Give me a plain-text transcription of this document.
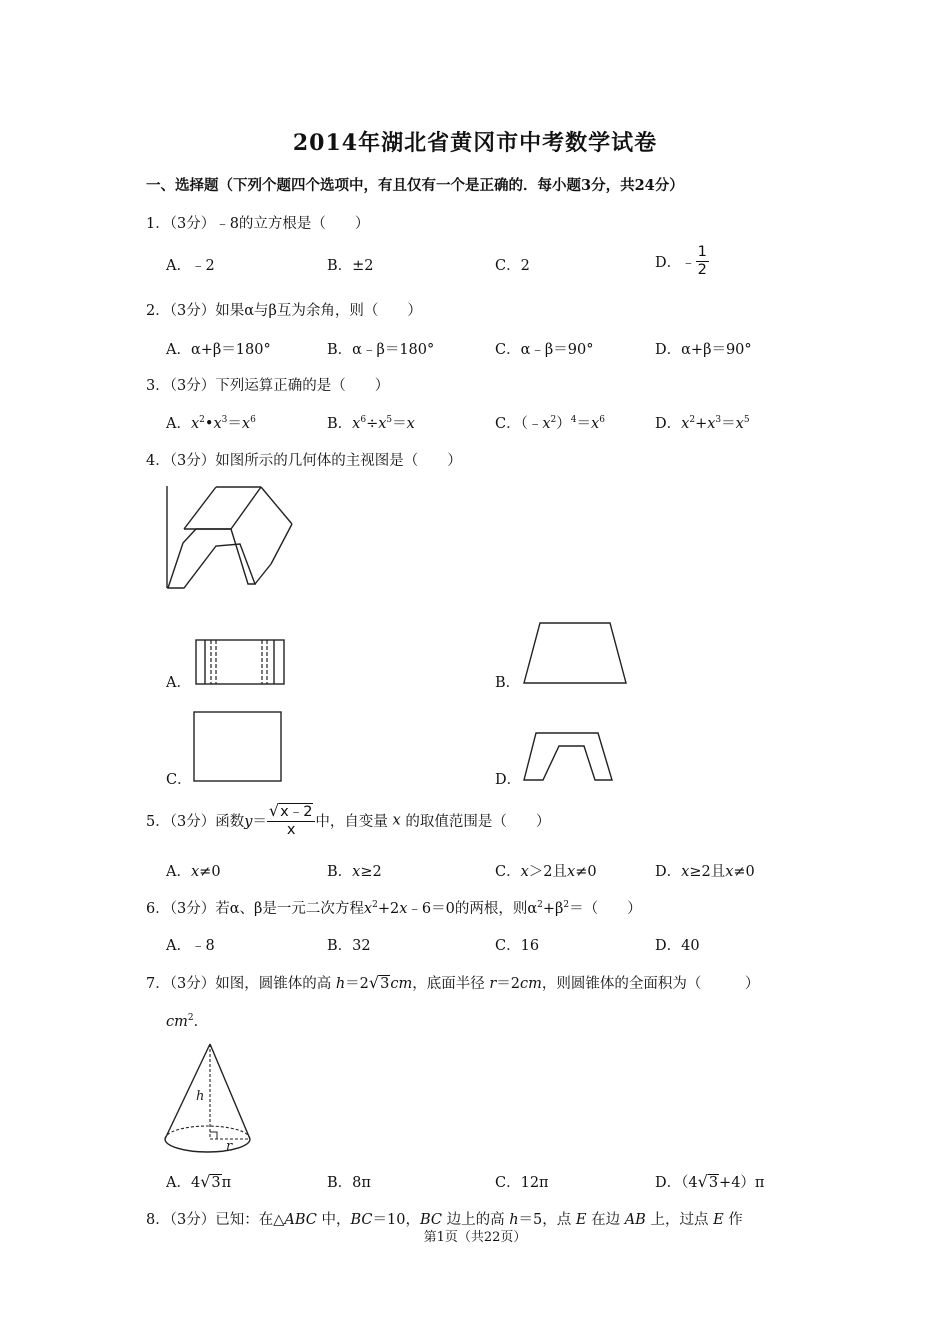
2014年湖北省黄冈市中考数学试卷
一、选择题（下列个题四个选项中，有且仅有一个是正确的．每小题3分，共24分）
1．（3分）﹣8的立方根是（　　）
A．﹣2	B．±2	C．2	D．﹣ $\frac{1}{2}$
2．（3分）如果α与β互为余角，则（　　）
A．α+β＝180°	B．α﹣β＝180°	C．α﹣β＝90°	D．α+β＝90°
3．（3分）下列运算正确的是（　　）
A．$x^2•x^3=x^6$	B．$x^6\div x^5=x$	C．$(﹣x^2)^4=x^6$	D．$x^2+x^3=x^5$
4．（3分）如图所示的几何体的主视图是（　　）
A．	B．
C．	D．
5．（3分）函数$y= \frac{√x﹣2}{x}$ 中，自变量 x 的取值范围是（　　）
A．x≠0	B．x≥2	C．x＞2且x≠0	D．x≥2且x≠0
6．（3分）若α、β是一元二次方程$x^2+2x﹣6=0$的两根，则$\alpha^2+\beta^2=$（　　）
A．﹣8	B．32	C．16	D．40
7．（3分）如图，圆锥体的高 h＝2√3cm，底面半径 r＝2cm，则圆锥体的全面积为（　　　）
$cm^2$．
h
r
A．4√3π	B．8π	C．12π	D．（4√3+4）π
8．（3分）已知：在△ABC 中，BC＝10，BC 边上的高 h＝5，点 E 在边 AB 上，过点 E 作
第1页（共22页）
